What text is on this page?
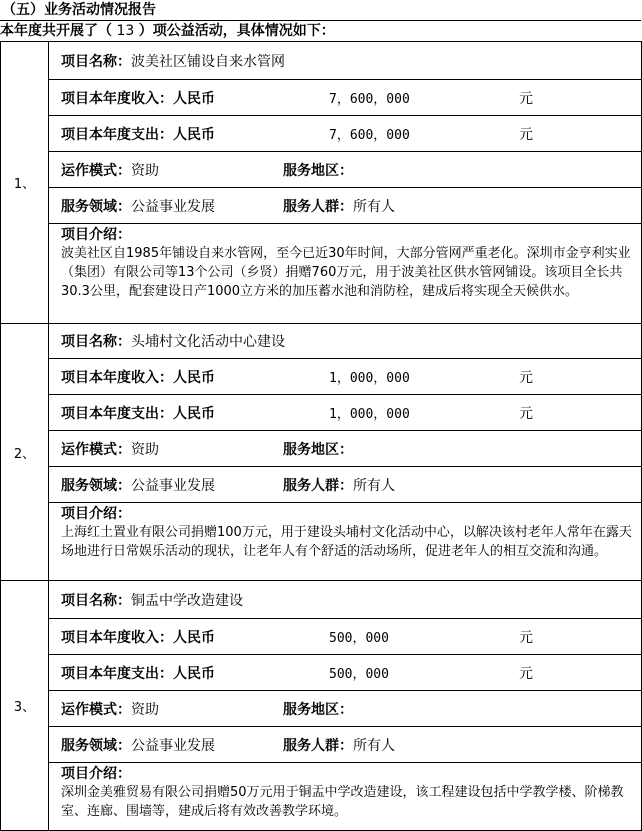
（五）业务活动情况报告
本年度共开展了（ 13 ）项公益活动，具体情况如下：
1、	项目名称：波美社区铺设自来水管网
	项目本年度收入：人民币 7，600，000 元

	项目本年度支出：人民币 7，600，000 元

	运作模式：资助 服务地区：

	服务领域：公益事业发展 服务人群：所有人

	项目介绍：
波美社区自1985年铺设自来水管网，至今已近30年时间，大部分管网严重老化。深圳市金亨利实业（集团）有限公司等13个公司（乡贤）捐赠760万元，用于波美社区供水管网铺设。该项目全长共30.3公里，配套建设日产1000立方米的加压蓄水池和消防栓，建成后将实现全天候供水。

2、	项目名称：头埔村文化活动中心建设
	项目本年度收入：人民币 1，000，000 元

	项目本年度支出：人民币 1，000，000 元

	运作模式：资助 服务地区：

	服务领域：公益事业发展 服务人群：所有人

	项目介绍：
上海红土置业有限公司捐赠100万元，用于建设头埔村文化活动中心，以解决该村老年人常年在露天场地进行日常娱乐活动的现状，让老年人有个舒适的活动场所，促进老年人的相互交流和沟通。

3、	项目名称：铜盂中学改造建设
	项目本年度收入：人民币 500，000 元

	项目本年度支出：人民币 500，000 元

	运作模式：资助 服务地区：

	服务领域：公益事业发展 服务人群：所有人

	项目介绍：
深圳金美雅贸易有限公司捐赠50万元用于铜盂中学改造建设，该工程建设包括中学教学楼、阶梯教室、连廊、围墙等，建成后将有效改善教学环境。
